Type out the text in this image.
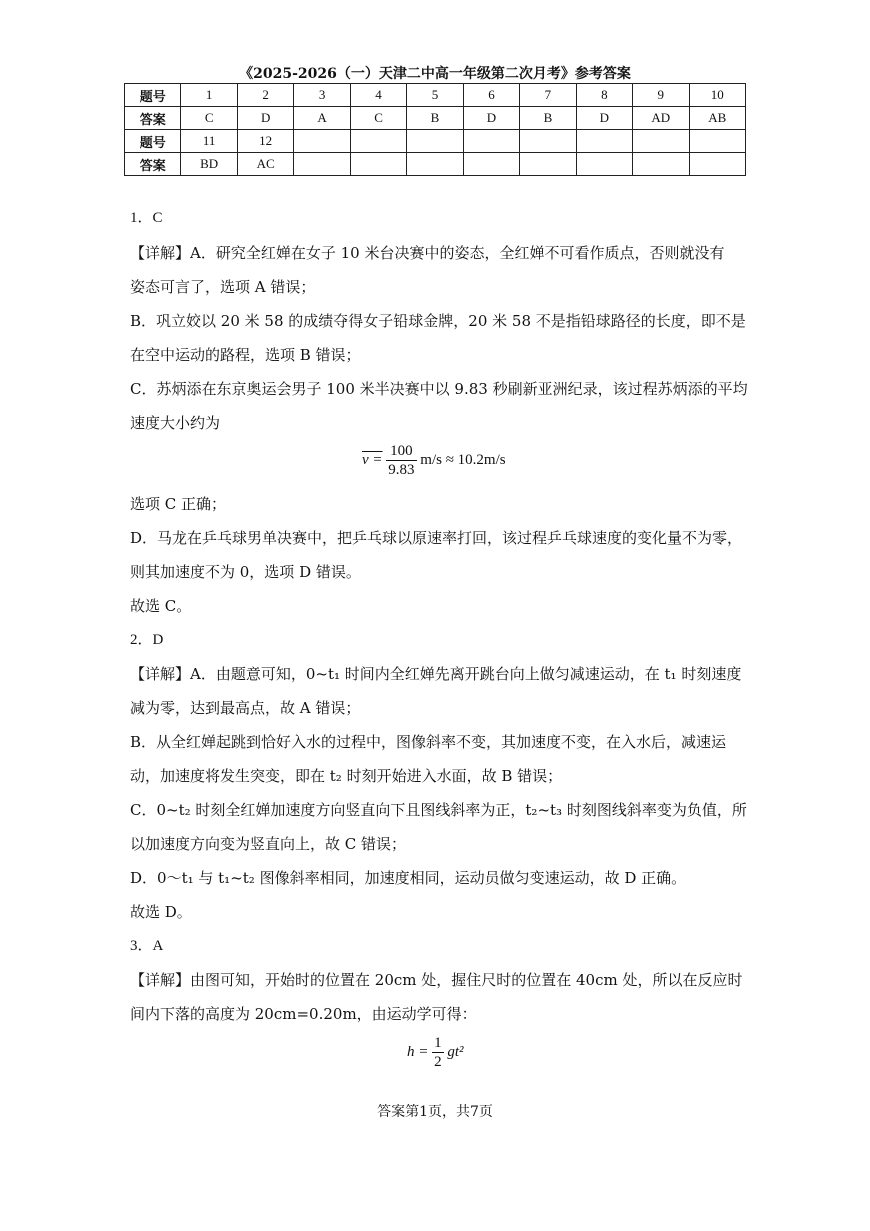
《2025-2026（一）天津二中高一年级第二次月考》参考答案
题号	1	2	3	4	5	6	7	8	9	10
答案	C	D	A	C	B	D	B	D	AD	AB
题号	11	12								
答案	BD	AC								
1．C
【详解】A．研究全红婵在女子 10 米台决赛中的姿态，全红婵不可看作质点，否则就没有
姿态可言了，选项 A 错误；
B．巩立姣以 20 米 58 的成绩夺得女子铅球金牌，20 米 58 不是指铅球路径的长度，即不是
在空中运动的路程，选项 B 错误；
C．苏炳添在东京奥运会男子 100 米半决赛中以 9.83 秒刷新亚洲纪录，该过程苏炳添的平均
速度大小约为
$v = \frac{100}{9.83} m/s \approx 10.2m/s$
选项 C 正确；
D．马龙在乒乓球男单决赛中，把乒乓球以原速率打回，该过程乒乓球速度的变化量不为零，
则其加速度不为 0，选项 D 错误。
故选 C。
2．D
【详解】A．由题意可知，0~t₁ 时间内全红婵先离开跳台向上做匀减速运动，在 t₁ 时刻速度
减为零，达到最高点，故 A 错误；
B．从全红婵起跳到恰好入水的过程中，图像斜率不变，其加速度不变，在入水后，减速运
动，加速度将发生突变，即在 t₂ 时刻开始进入水面，故 B 错误；
C．0~t₂ 时刻全红婵加速度方向竖直向下且图线斜率为正，t₂~t₃ 时刻图线斜率变为负值，所
以加速度方向变为竖直向上，故 C 错误；
D．0～t₁ 与 t₁~t₂ 图像斜率相同，加速度相同，运动员做匀变速运动，故 D 正确。
故选 D。
3．A
【详解】由图可知，开始时的位置在 20cm 处，握住尺时的位置在 40cm 处，所以在反应时
间内下落的高度为 20cm=0.20m，由运动学可得：
$h = \frac{1}{2} gt^2$
答案第1页，共7页
